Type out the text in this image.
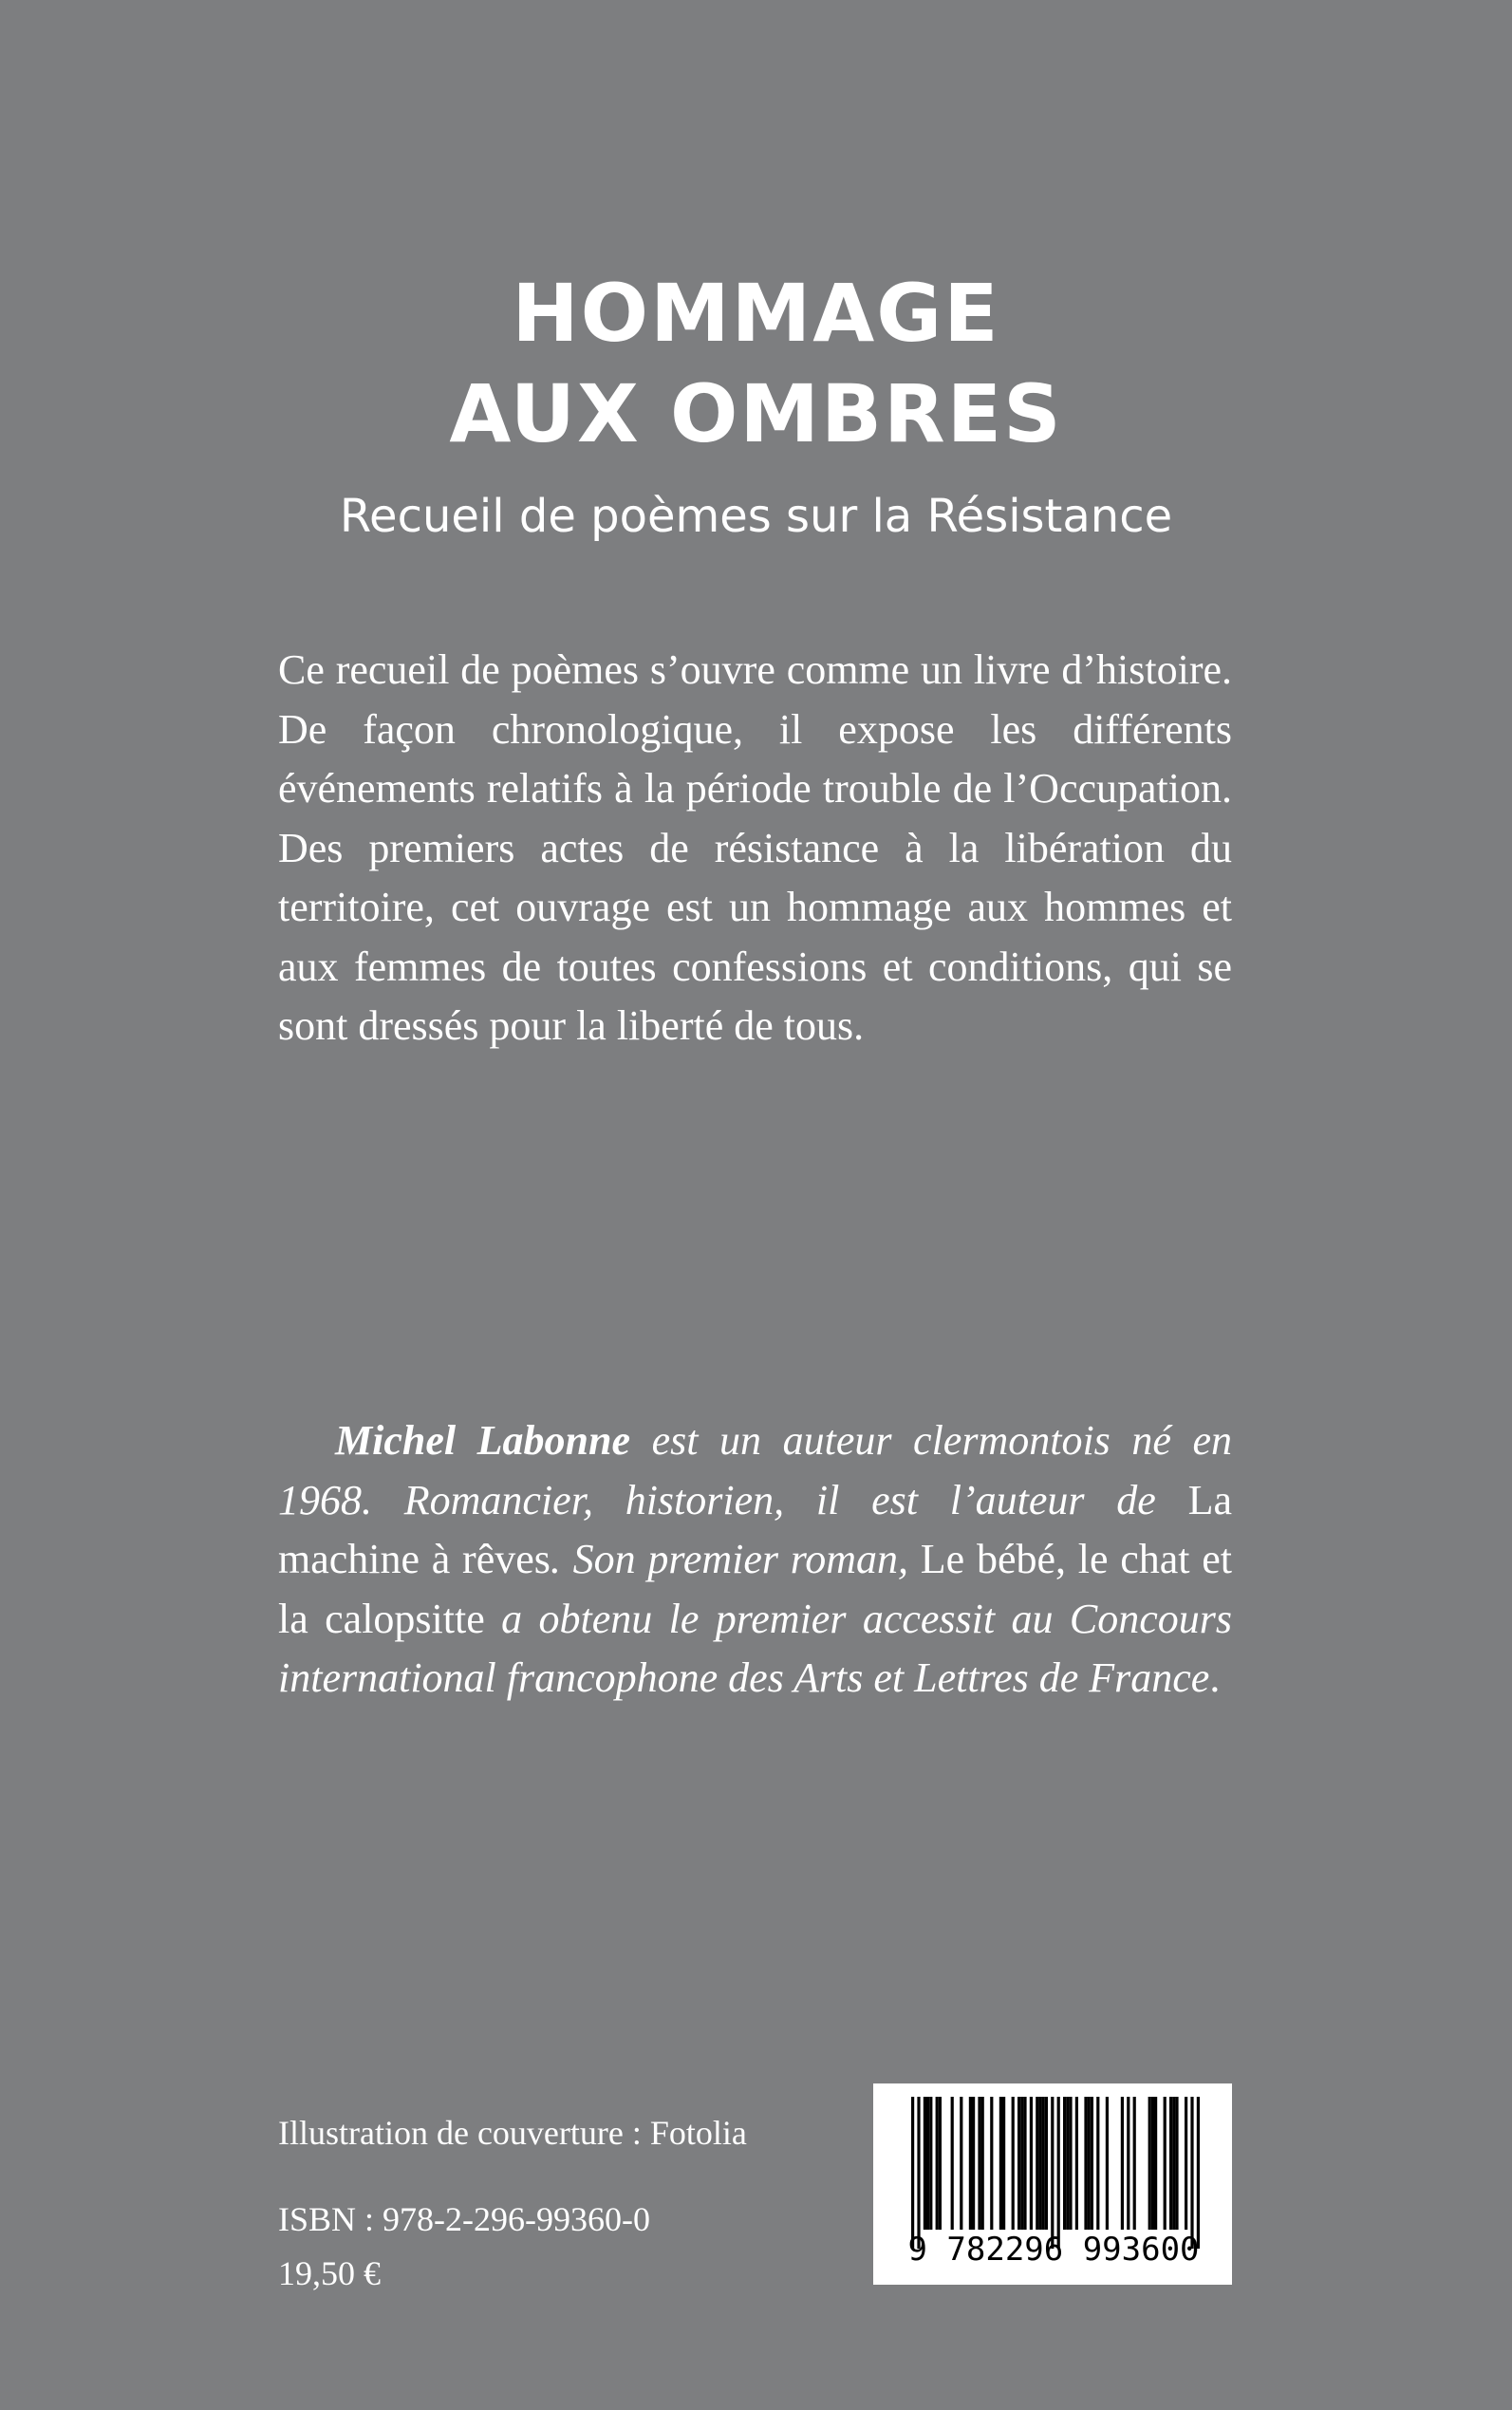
HOMMAGE
AUX OMBRES
Recueil de poèmes sur la Résistance
Ce recueil de poèmes s’ouvre comme un livre d’histoire. De façon chronologique, il expose les différents événements relatifs à la période trouble de l’Occupation. Des premiers actes de résistance à la libération du territoire, cet ouvrage est un hommage aux hommes et aux femmes de toutes confessions et conditions, qui se sont dressés pour la liberté de tous.
Michel Labonne est un auteur clermontois né en 1968. Romancier, historien, il est l’auteur de La machine à rêves. Son premier roman, Le bébé, le chat et la calopsitte a obtenu le premier accessit au Concours international francophone des Arts et Lettres de France.
Illustration de couverture : Fotolia
ISBN : 978-2-296-99360-0
19,50 €
9 782296 993600
